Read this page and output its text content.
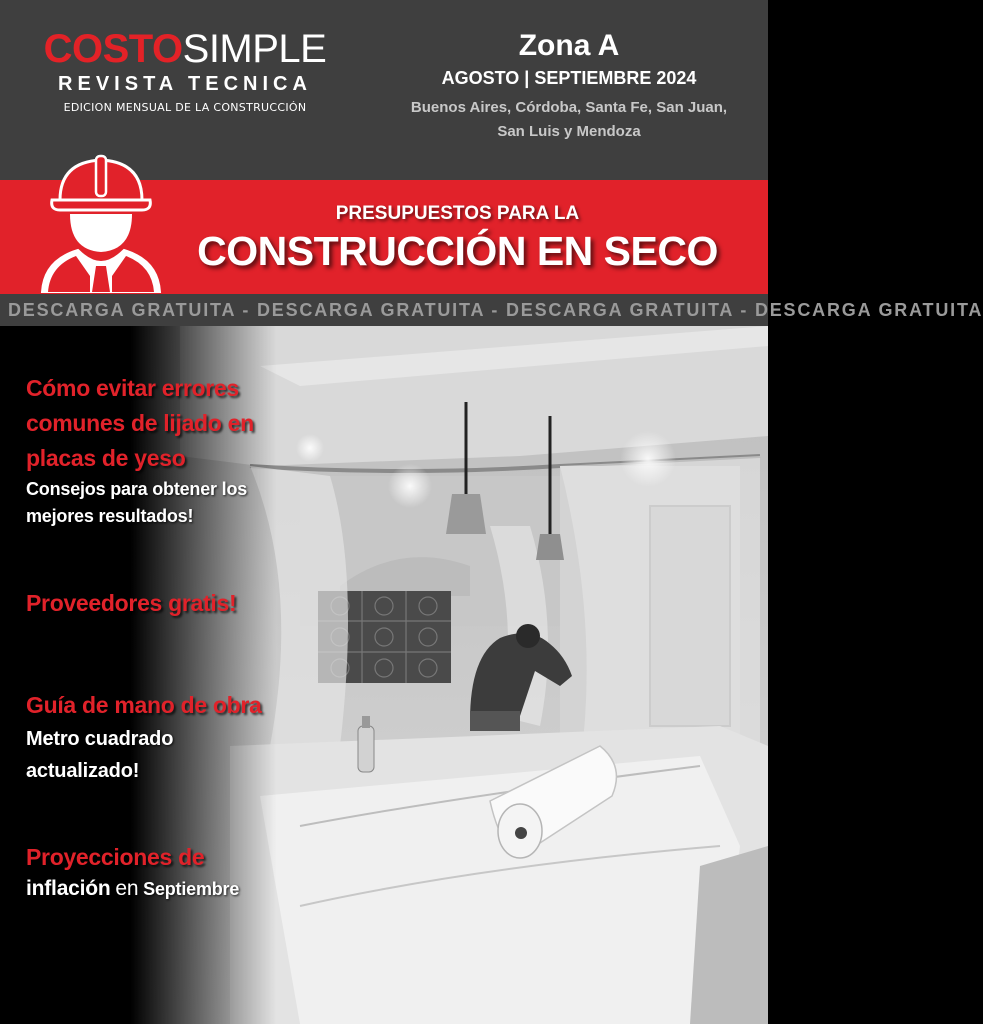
COSTOSIMPLE
REVISTA TECNICA
EDICION MENSUAL DE LA CONSTRUCCIÓN
Zona A
AGOSTO | SEPTIEMBRE 2024
Buenos Aires, Córdoba, Santa Fe, San Juan, San Luis y Mendoza
PRESUPUESTOS PARA LA
CONSTRUCCIÓN EN SECO
DESCARGA GRATUITA - DESCARGA GRATUITA - DESCARGA GRATUITA - DESCARGA GRATUITA
Cómo evitar errores comunes de lijado en placas de yeso
Consejos para obtener los mejores resultados!
Proveedores gratis!
Guía de mano de obra
Metro cuadrado actualizado!
Proyecciones de
inflación en Septiembre
